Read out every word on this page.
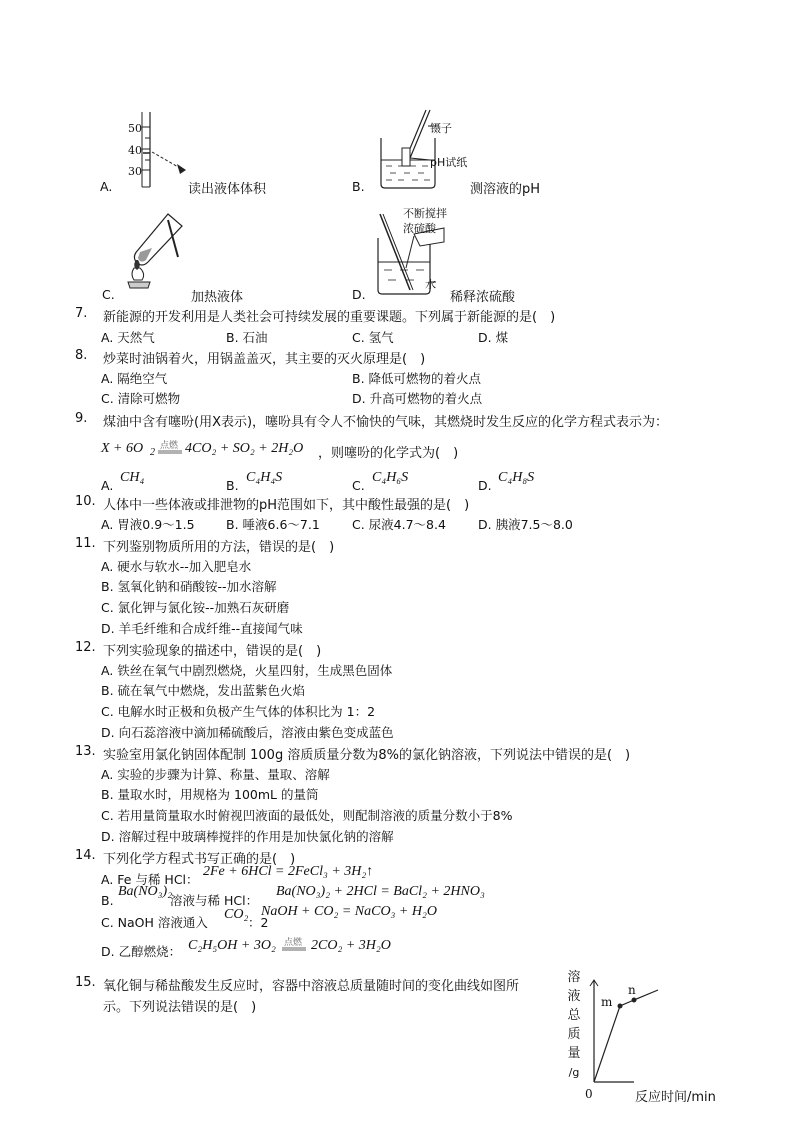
50
40
30
A.	读出液体体积
镊子
pH试纸
B.	测溶液的pH
C.	加热液体
不断搅拌
浓硫酸
水
D.	稀释浓硫酸
7. 新能源的开发利用是人类社会可持续发展的重要课题。下列属于新能源的是(　)
A. 天然气	B. 石油	C. 氢气	D. 煤
8. 炒菜时油锅着火，用锅盖盖灭，其主要的灭火原理是(　)
A. 隔绝空气	B. 降低可燃物的着火点
C. 清除可燃物	D. 升高可燃物的着火点
9. 煤油中含有噻吩(用X表示)，噻吩具有令人不愉快的气味，其燃烧时发生反应的化学方程式表示为：
X + 6O 2
点燃 4CO₂ + SO₂ + 2H₂O ，则噻吩的化学式为(　)
A.
CH₄
B.
C₄H₄S
C.
C₄H₆S
D.
C₄H₈S
10. 人体中一些体液或排泄物的pH范围如下，其中酸性最强的是(　)
A. 胃液0.9～1.5	B. 唾液6.6～7.1	C. 尿液4.7～8.4	D. 胰液7.5～8.0
11. 下列鉴别物质所用的方法，错误的是(　)
A. 硬水与软水--加入肥皂水
B. 氢氧化钠和硝酸铵--加水溶解
C. 氯化钾与氯化铵--加熟石灰研磨
D. 羊毛纤维和合成纤维--直接闻气味
12. 下列实验现象的描述中，错误的是(　)
A. 铁丝在氧气中剧烈燃烧，火星四射，生成黑色固体
B. 硫在氧气中燃烧，发出蓝紫色火焰
C. 电解水时正极和负极产生气体的体积比为 1：2
D. 向石蕊溶液中滴加稀硫酸后，溶液由紫色变成蓝色
13. 实验室用氯化钠固体配制 100g 溶质质量分数为8%的氯化钠溶液，下列说法中错误的是(　)
A. 实验的步骤为计算、称量、量取、溶解
B. 量取水时，用规格为 100mL 的量筒
C. 若用量筒量取水时俯视凹液面的最低处，则配制溶液的质量分数小于8%
D. 溶解过程中玻璃棒搅拌的作用是加快氯化钠的溶解
14. 下列化学方程式书写正确的是(　)
A. Fe 与稀 HCl：
2Fe + 6HCl = 2FeCl₃ + 3H₂↑
B.
Ba(NO₃)₂
溶液与稀 HCl：
Ba(NO₃)₂ + 2HCl = BaCl₂ + 2HNO₃
C. NaOH 溶液通入
CO₂
：2
NaOH + CO₂ = NaCO₃ + H₂O
D. 乙醇燃烧： C₂H₅OH + 3O₂ 点燃 2CO₂ + 3H₂O
15. 氧化铜与稀盐酸发生反应时，容器中溶液总质量随时间的变化曲线如图所
示。下列说法错误的是(　)
溶
液
总
质
量
/g
m
n
0	反应时间/min
